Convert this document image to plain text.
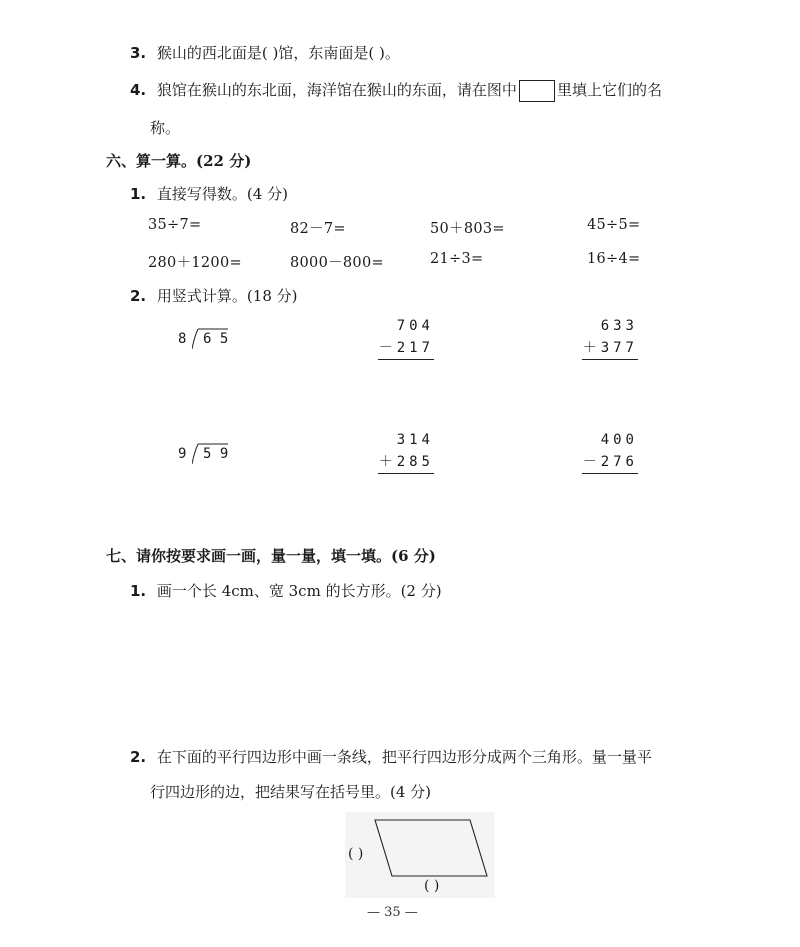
3. 猴山的西北面是( )馆，东南面是( )。
4. 狼馆在猴山的东北面，海洋馆在猴山的东面，请在图中	里填上它们的名
称。
六、算一算。(22 分)
1. 直接写得数。(4 分)
35÷7=	82－7=	50＋803=	45÷5=
280＋1200=	8000－800=	21÷3=	16÷4=
2. 用竖式计算。(18 分)
8 6 5
704
－217
633
＋377
9 5 9
314
＋285
400
－276
七、请你按要求画一画，量一量，填一填。(6 分)
1. 画一个长 4cm、宽 3cm 的长方形。(2 分)
2. 在下面的平行四边形中画一条线，把平行四边形分成两个三角形。量一量平
行四边形的边，把结果写在括号里。(4 分)
( )
( )
— 35 —
